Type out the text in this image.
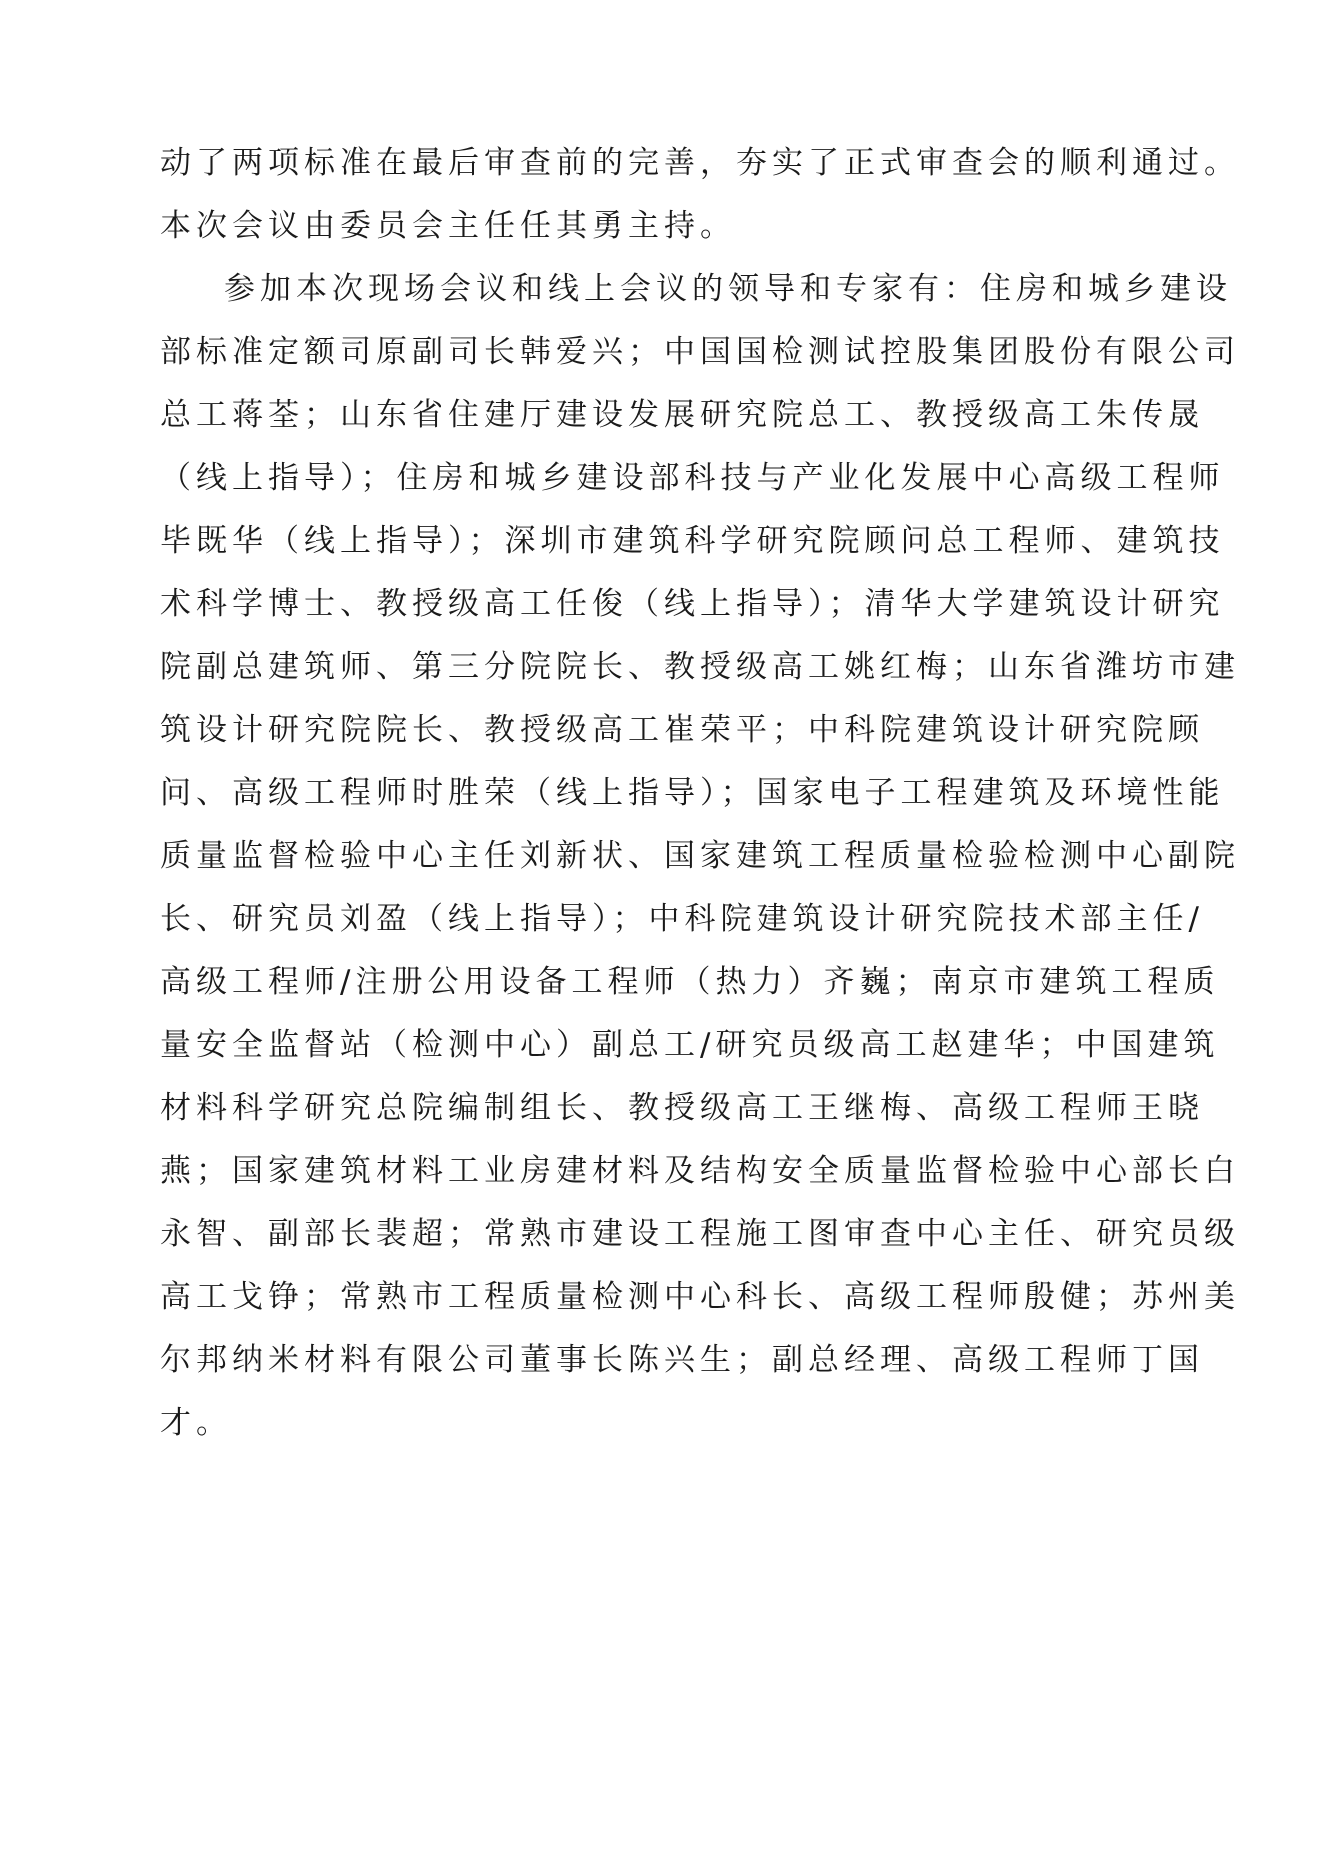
动了两项标准在最后审查前的完善，夯实了正式审查会的顺利通过。
本次会议由委员会主任任其勇主持。
参加本次现场会议和线上会议的领导和专家有：住房和城乡建设
部标准定额司原副司长韩爱兴；中国国检测试控股集团股份有限公司
总工蒋荃；山东省住建厅建设发展研究院总工、教授级高工朱传晟
（线上指导）；住房和城乡建设部科技与产业化发展中心高级工程师
毕既华（线上指导）；深圳市建筑科学研究院顾问总工程师、建筑技
术科学博士、教授级高工任俊（线上指导）；清华大学建筑设计研究
院副总建筑师、第三分院院长、教授级高工姚红梅；山东省潍坊市建
筑设计研究院院长、教授级高工崔荣平；中科院建筑设计研究院顾
问、高级工程师时胜荣（线上指导）；国家电子工程建筑及环境性能
质量监督检验中心主任刘新状、国家建筑工程质量检验检测中心副院
长、研究员刘盈（线上指导）；中科院建筑设计研究院技术部主任/
高级工程师/注册公用设备工程师（热力）齐巍；南京市建筑工程质
量安全监督站（检测中心）副总工/研究员级高工赵建华；中国建筑
材料科学研究总院编制组长、教授级高工王继梅、高级工程师王晓
燕；国家建筑材料工业房建材料及结构安全质量监督检验中心部长白
永智、副部长裴超；常熟市建设工程施工图审查中心主任、研究员级
高工戈铮；常熟市工程质量检测中心科长、高级工程师殷健；苏州美
尔邦纳米材料有限公司董事长陈兴生；副总经理、高级工程师丁国
才。
